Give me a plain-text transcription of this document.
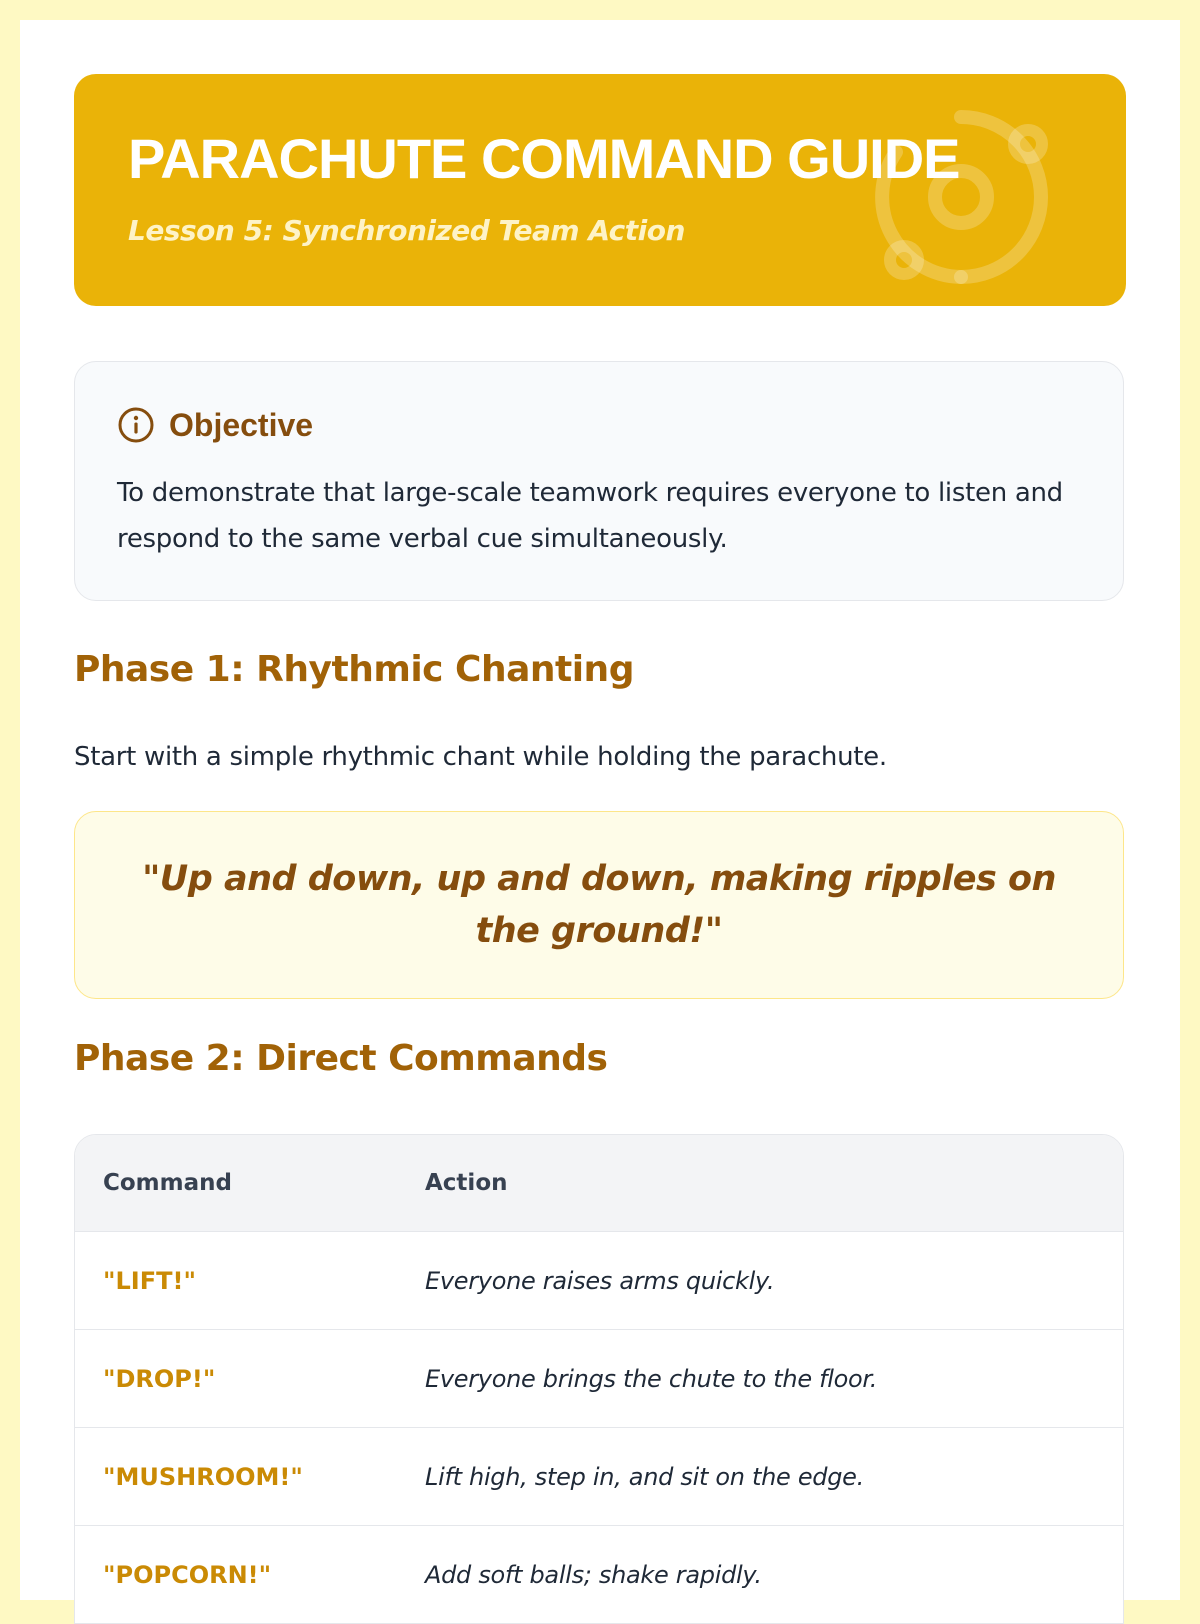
PARACHUTE COMMAND GUIDE

Lesson 5: Synchronized Team Action

Objective

To demonstrate that large-scale teamwork requires everyone to listen and respond to the same verbal cue simultaneously.

Phase 1: Rhythmic Chanting

Start with a simple rhythmic chant while holding the parachute.

"Up and down, up and down, making ripples on the ground!"

Phase 2: Direct Commands
Command	Action
"LIFT!"	Everyone raises arms quickly.
"DROP!"	Everyone brings the chute to the floor.
"MUSHROOM!"	Lift high, step in, and sit on the edge.
"POPCORN!"	Add soft balls; shake rapidly.
